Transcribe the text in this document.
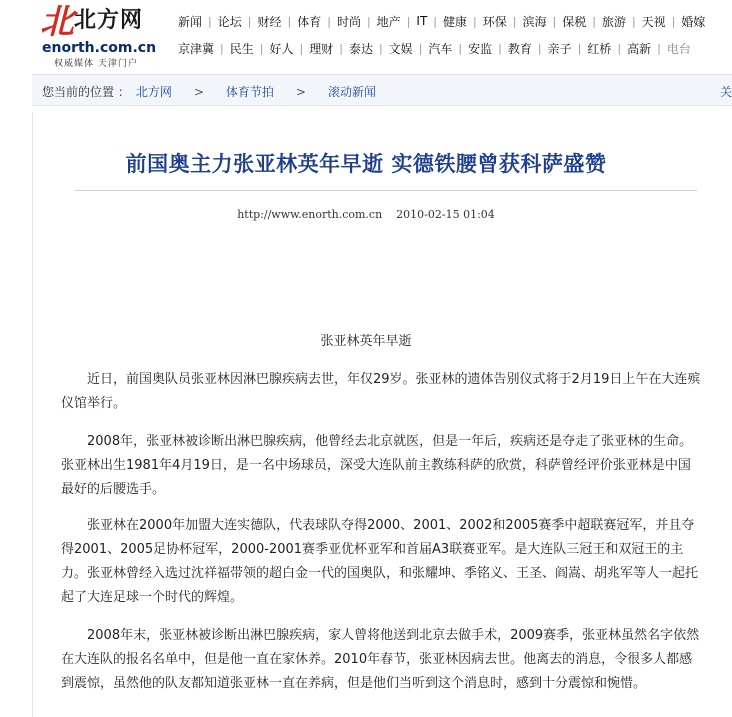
北北方网
enorth.com.cn
权威媒体 天津门户
新闻 | 论坛 | 财经 | 体育 | 时尚 | 地产 | IT | 健康 | 环保 | 滨海 | 保税 | 旅游 | 天视 | 婚嫁
京津冀 | 民生 | 好人 | 理财 | 泰达 | 文娱 | 汽车 | 安监 | 教育 | 亲子 | 红桥 | 高新 | 电台
您当前的位置 ： 北方网	>	体育节拍	>	滚动新闻	关
前国奥主力张亚林英年早逝 实德铁腰曾获科萨盛赞
http://www.enorth.com.cn 2010-02-15 01:04
张亚林英年早逝

近日，前国奥队员张亚林因淋巴腺疾病去世，年仅29岁。张亚林的遗体告别仪式将于2月19日上午在大连殡仪馆举行。

2008年，张亚林被诊断出淋巴腺疾病，他曾经去北京就医，但是一年后，疾病还是夺走了张亚林的生命。张亚林出生1981年4月19日，是一名中场球员，深受大连队前主教练科萨的欣赏，科萨曾经评价张亚林是中国最好的后腰选手。

张亚林在2000年加盟大连实德队，代表球队夺得2000、2001、2002和2005赛季中超联赛冠军，并且夺得2001、2005足协杯冠军，2000-2001赛季亚优杯亚军和首届A3联赛亚军。是大连队三冠王和双冠王的主力。张亚林曾经入选过沈祥福带领的超白金一代的国奥队，和张耀坤、季铭义、王圣、阎嵩、胡兆军等人一起托起了大连足球一个时代的辉煌。

2008年末，张亚林被诊断出淋巴腺疾病，家人曾将他送到北京去做手术，2009赛季，张亚林虽然名字依然在大连队的报名名单中，但是他一直在家休养。2010年春节，张亚林因病去世。他离去的消息，令很多人都感到震惊，虽然他的队友都知道张亚林一直在养病，但是他们当听到这个消息时，感到十分震惊和惋惜。
